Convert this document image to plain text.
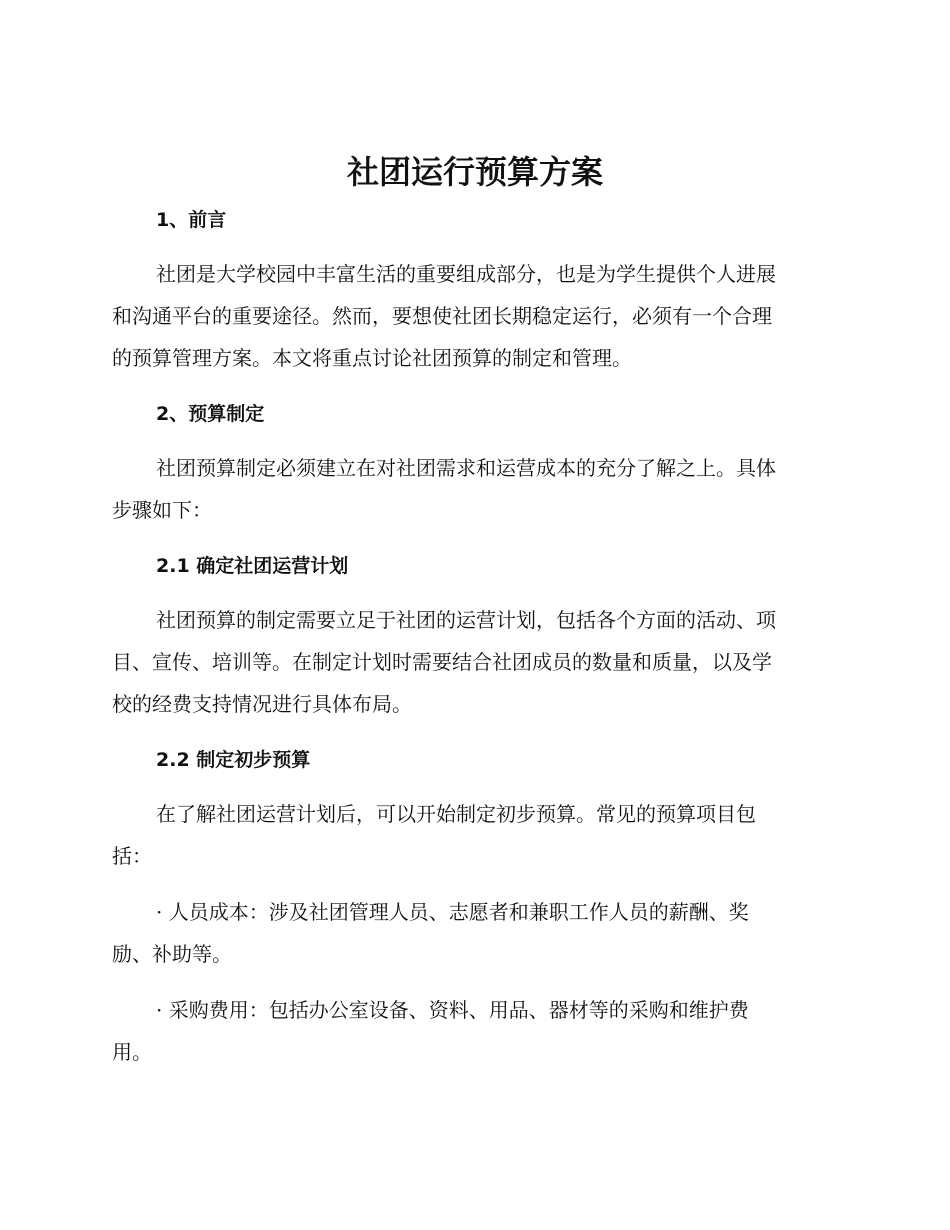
社团运行预算方案
1、前言
社团是大学校园中丰富生活的重要组成部分，也是为学生提供个人进展
和沟通平台的重要途径。然而，要想使社团长期稳定运行，必须有一个合理
的预算管理方案。本文将重点讨论社团预算的制定和管理。
2、预算制定
社团预算制定必须建立在对社团需求和运营成本的充分了解之上。具体
步骤如下：
2.1 确定社团运营计划
社团预算的制定需要立足于社团的运营计划，包括各个方面的活动、项
目、宣传、培训等。在制定计划时需要结合社团成员的数量和质量，以及学
校的经费支持情况进行具体布局。
2.2 制定初步预算
在了解社团运营计划后，可以开始制定初步预算。常见的预算项目包
括：
· 人员成本：涉及社团管理人员、志愿者和兼职工作人员的薪酬、奖
励、补助等。
· 采购费用：包括办公室设备、资料、用品、器材等的采购和维护费
用。
